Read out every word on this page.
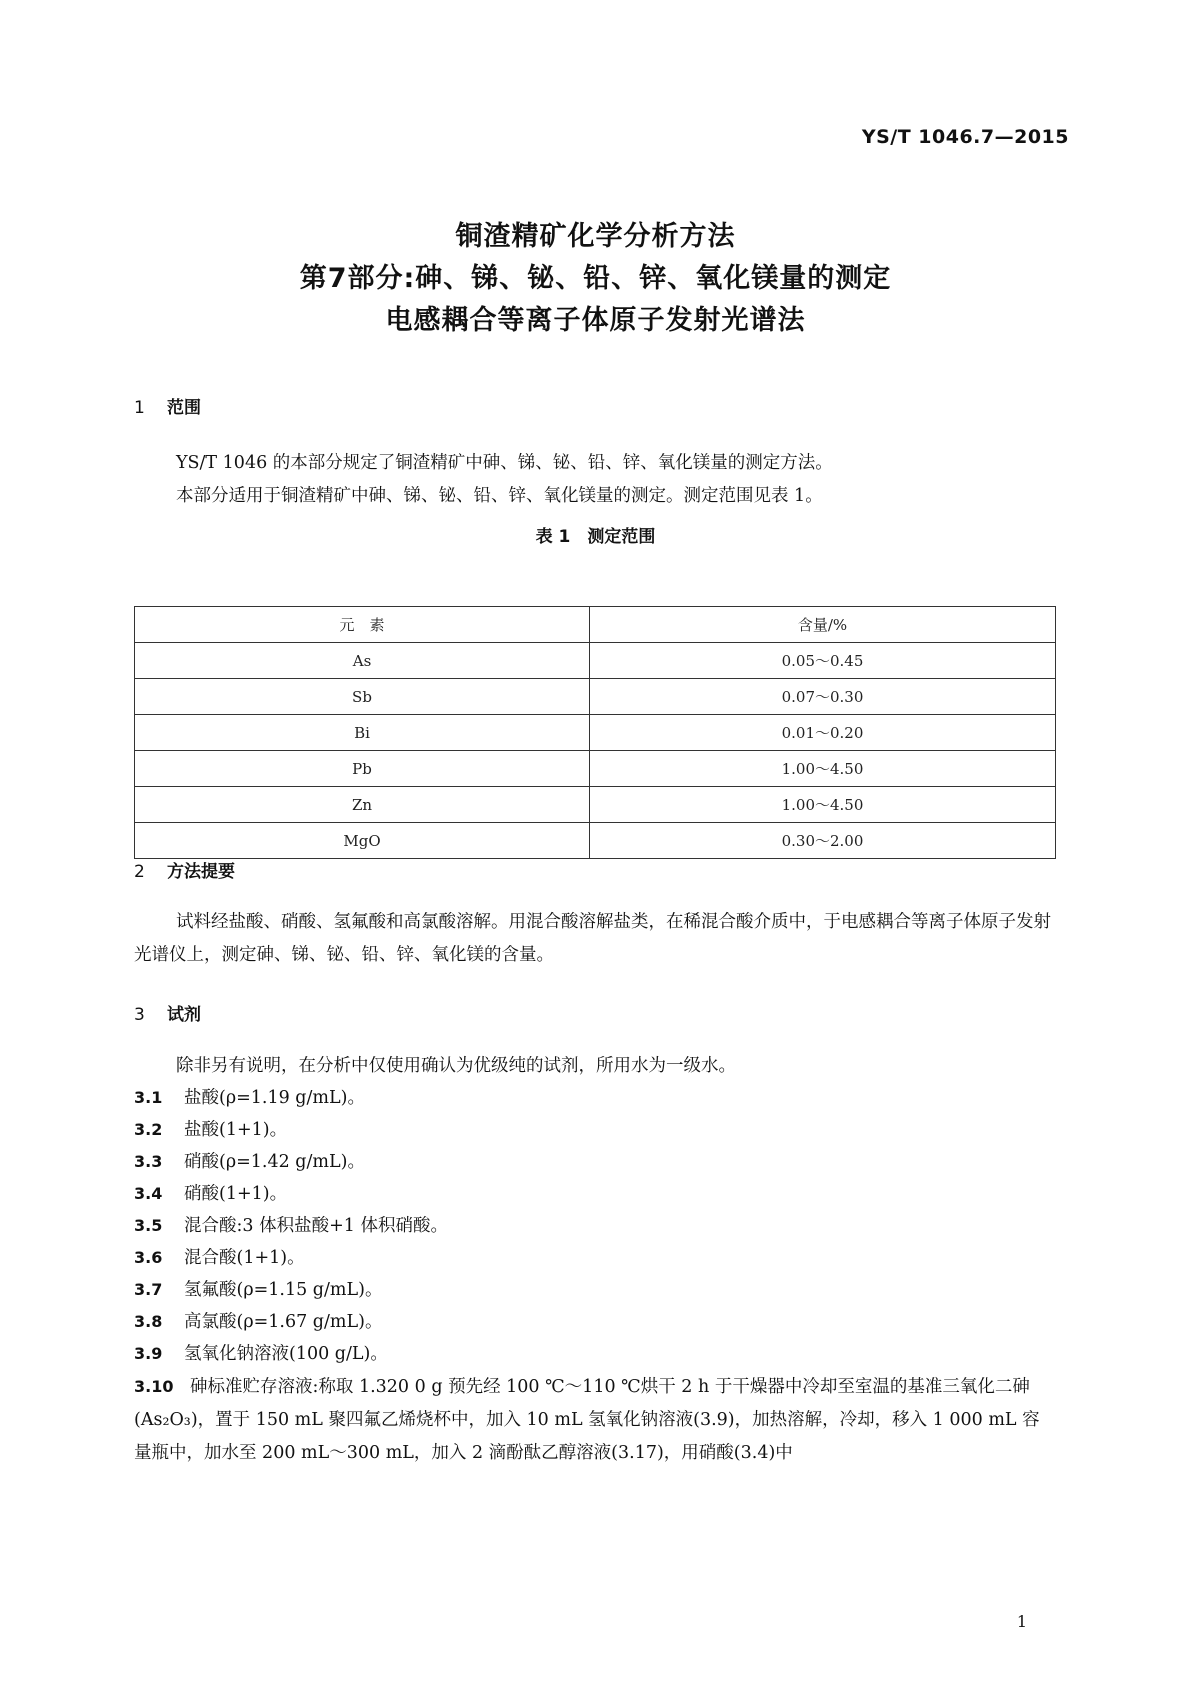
YS/T 1046.7—2015
铜渣精矿化学分析方法
第7部分:砷、锑、铋、铅、锌、氧化镁量的测定
电感耦合等离子体原子发射光谱法
1 范围
YS/T 1046 的本部分规定了铜渣精矿中砷、锑、铋、铅、锌、氧化镁量的测定方法。
本部分适用于铜渣精矿中砷、锑、铋、铅、锌、氧化镁量的测定。测定范围见表 1。
表 1　测定范围
元　素	含量/%
As	0.05～0.45
Sb	0.07～0.30
Bi	0.01～0.20
Pb	1.00～4.50
Zn	1.00～4.50
MgO	0.30～2.00
2 方法提要
试料经盐酸、硝酸、氢氟酸和高氯酸溶解。用混合酸溶解盐类，在稀混合酸介质中，于电感耦合等离子体原子发射光谱仪上，测定砷、锑、铋、铅、锌、氧化镁的含量。
3 试剂
除非另有说明，在分析中仅使用确认为优级纯的试剂，所用水为一级水。
3.1 盐酸(ρ=1.19 g/mL)。
3.2 盐酸(1+1)。
3.3 硝酸(ρ=1.42 g/mL)。
3.4 硝酸(1+1)。
3.5 混合酸:3 体积盐酸+1 体积硝酸。
3.6 混合酸(1+1)。
3.7 氢氟酸(ρ=1.15 g/mL)。
3.8 高氯酸(ρ=1.67 g/mL)。
3.9 氢氧化钠溶液(100 g/L)。
3.10 砷标准贮存溶液:称取 1.320 0 g 预先经 100 ℃～110 ℃烘干 2 h 于干燥器中冷却至室温的基准三氧化二砷(As₂O₃)，置于 150 mL 聚四氟乙烯烧杯中，加入 10 mL 氢氧化钠溶液(3.9)，加热溶解，冷却，移入 1 000 mL 容量瓶中，加水至 200 mL～300 mL，加入 2 滴酚酞乙醇溶液(3.17)，用硝酸(3.4)中
1
